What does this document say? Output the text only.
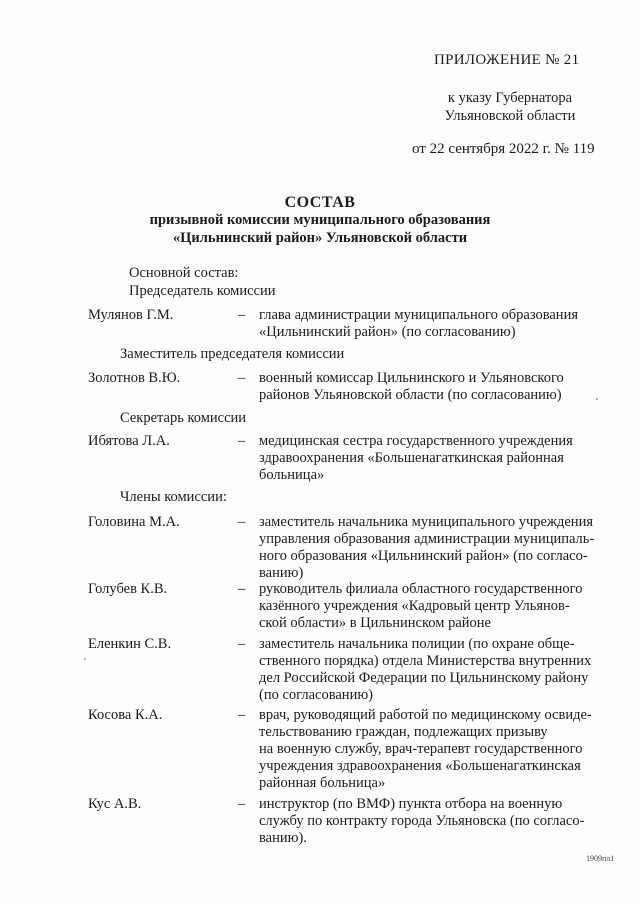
ПРИЛОЖЕНИЕ № 21
к указу Губернатора
Ульяновской области
от 22 сентября 2022 г. № 119
СОСТАВ
призывной комиссии муниципального образования
«Цильнинский район» Ульяновской области
Основной состав:
Председатель комиссии
Мулянов Г.М.	– глава администрации муниципального образования
«Цильнинский район» (по согласованию)
Заместитель председателя комиссии
Золотнов В.Ю.	– военный комиссар Цильнинского и Ульяновского
районов Ульяновской области (по согласованию)
Секретарь комиссии
Ибятова Л.А.	– медицинская сестра государственного учреждения
здравоохранения «Большенагаткинская районная
больница»
Члены комиссии:
Головина М.А.	– заместитель начальника муниципального учреждения
управления образования администрации муниципаль-
ного образования «Цильнинский район» (по согласо-
ванию)
Голубев К.В.	– руководитель филиала областного государственного
казённого учреждения «Кадровый центр Ульянов-
ской области» в Цильнинском районе
Еленкин С.В.	– заместитель начальника полиции (по охране обще-
ственного порядка) отдела Министерства внутренних
дел Российской Федерации по Цильнинскому району
(по согласованию)
Косова К.А.	– врач, руководящий работой по медицинскому освиде-
тельствованию граждан, подлежащих призыву
на военную службу, врач-терапевт государственного
учреждения здравоохранения «Большенагаткинская
районная больница»
Кус А.В.	– инструктор (по ВМФ) пункта отбора на военную
службу по контракту города Ульяновска (по согласо-
ванию).
1909пл1
